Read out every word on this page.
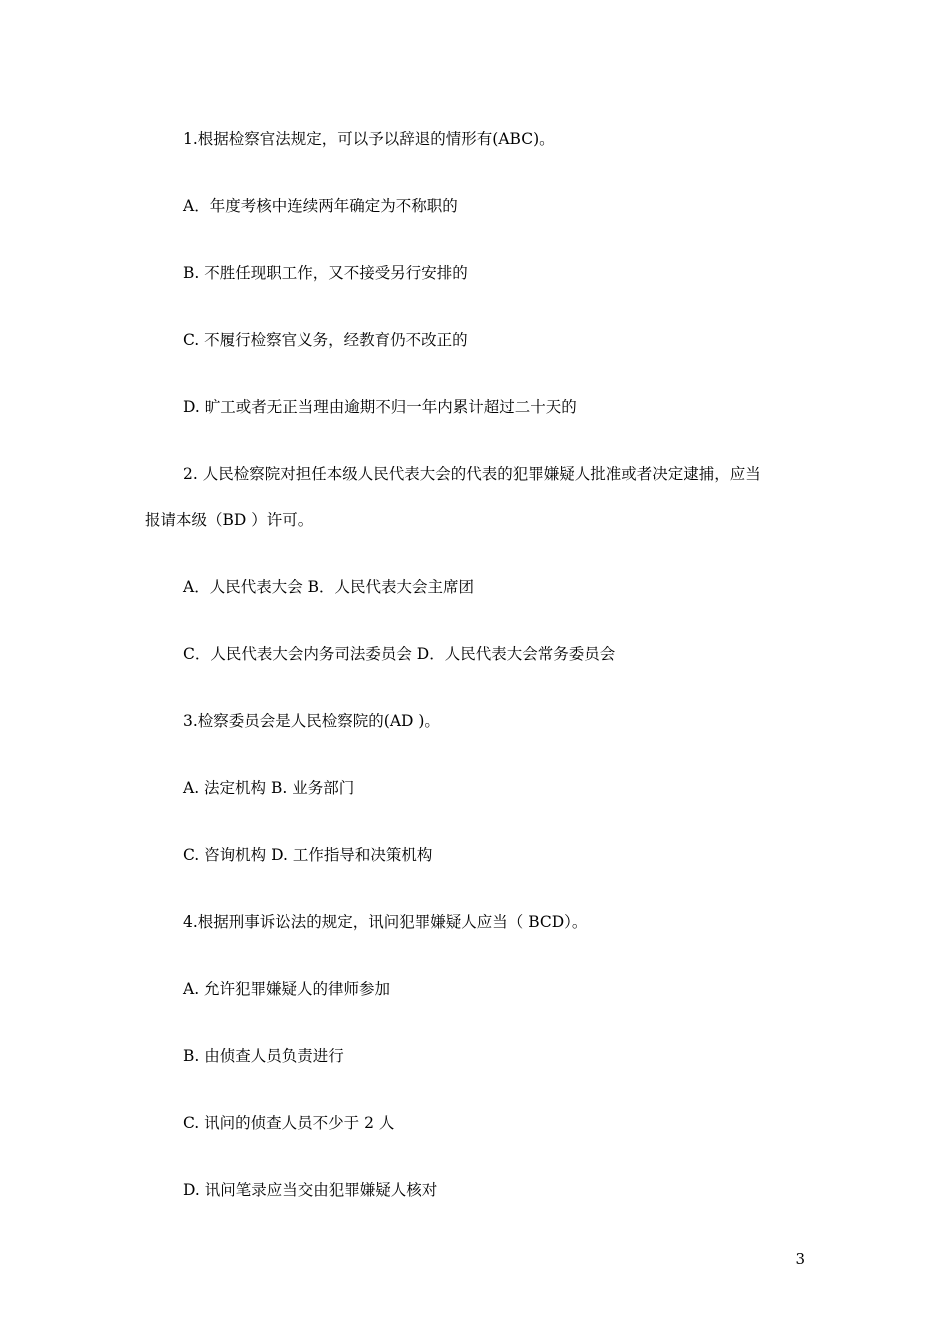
1.根据检察官法规定，可以予以辞退的情形有(ABC)。
A．年度考核中连续两年确定为不称职的
B. 不胜任现职工作，又不接受另行安排的
C. 不履行检察官义务，经教育仍不改正的
D. 旷工或者无正当理由逾期不归一年内累计超过二十天的
2. 人民检察院对担任本级人民代表大会的代表的犯罪嫌疑人批准或者决定逮捕，应当
报请本级（BD ）许可。
A．人民代表大会 B．人民代表大会主席团
C．人民代表大会内务司法委员会 D．人民代表大会常务委员会
3.检察委员会是人民检察院的(AD )。
A. 法定机构 B. 业务部门
C. 咨询机构 D. 工作指导和决策机构
4.根据刑事诉讼法的规定，讯问犯罪嫌疑人应当（ BCD）。
A. 允许犯罪嫌疑人的律师参加
B. 由侦查人员负责进行
C. 讯问的侦查人员不少于 2 人
D. 讯问笔录应当交由犯罪嫌疑人核对
3
